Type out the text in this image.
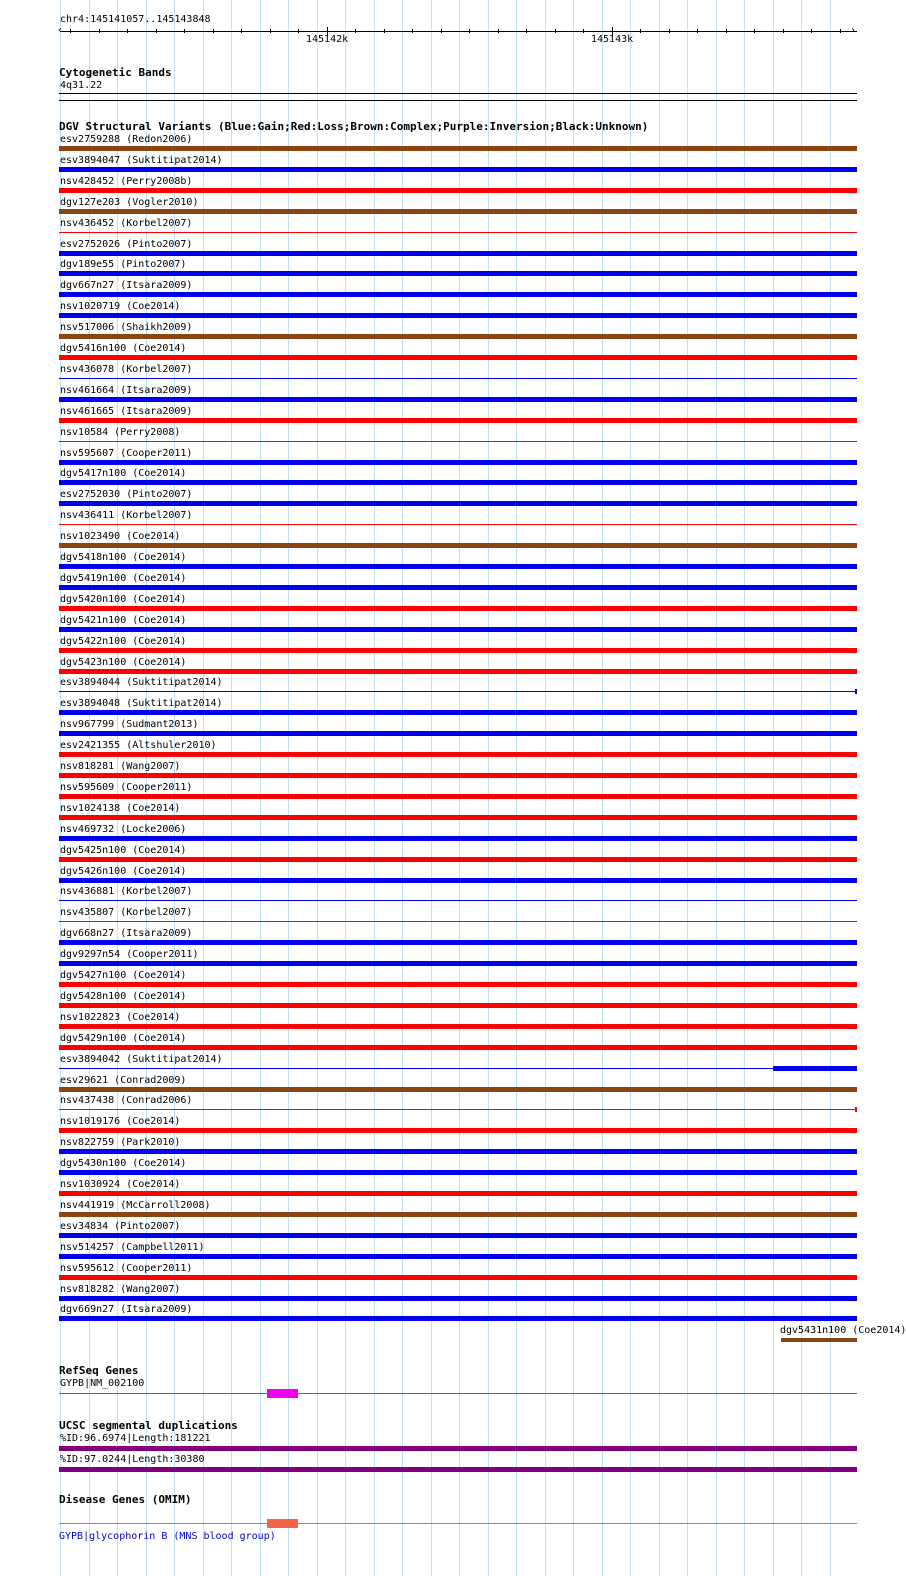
chr4:145141057..145143848
‹	›
145142k	145143k
Cytogenetic Bands
4q31.22
DGV Structural Variants (Blue:Gain;Red:Loss;Brown:Complex;Purple:Inversion;Black:Unknown)
esv2759288 (Redon2006)
esv3894047 (Suktitipat2014)
nsv428452 (Perry2008b)
dgv127e203 (Vogler2010)
nsv436452 (Korbel2007)
esv2752026 (Pinto2007)
dgv189e55 (Pinto2007)
dgv667n27 (Itsara2009)
nsv1020719 (Coe2014)
nsv517006 (Shaikh2009)
dgv5416n100 (Coe2014)
nsv436078 (Korbel2007)
nsv461664 (Itsara2009)
nsv461665 (Itsara2009)
nsv10584 (Perry2008)
nsv595607 (Cooper2011)
dgv5417n100 (Coe2014)
esv2752030 (Pinto2007)
nsv436411 (Korbel2007)
nsv1023490 (Coe2014)
dgv5418n100 (Coe2014)
dgv5419n100 (Coe2014)
dgv5420n100 (Coe2014)
dgv5421n100 (Coe2014)
dgv5422n100 (Coe2014)
dgv5423n100 (Coe2014)
esv3894044 (Suktitipat2014)
esv3894048 (Suktitipat2014)
nsv967799 (Sudmant2013)
esv2421355 (Altshuler2010)
nsv818281 (Wang2007)
nsv595609 (Cooper2011)
nsv1024138 (Coe2014)
nsv469732 (Locke2006)
dgv5425n100 (Coe2014)
dgv5426n100 (Coe2014)
nsv436881 (Korbel2007)
nsv435807 (Korbel2007)
dgv668n27 (Itsara2009)
dgv9297n54 (Cooper2011)
dgv5427n100 (Coe2014)
dgv5428n100 (Coe2014)
nsv1022823 (Coe2014)
dgv5429n100 (Coe2014)
esv3894042 (Suktitipat2014)
esv29621 (Conrad2009)
nsv437438 (Conrad2006)
nsv1019176 (Coe2014)
nsv822759 (Park2010)
dgv5430n100 (Coe2014)
nsv1030924 (Coe2014)
nsv441919 (McCarroll2008)
esv34834 (Pinto2007)
nsv514257 (Campbell2011)
nsv595612 (Cooper2011)
nsv818282 (Wang2007)
dgv669n27 (Itsara2009)
dgv5431n100 (Coe2014)
RefSeq Genes
GYPB|NM_002100
UCSC segmental duplications
%ID:96.6974|Length:181221
%ID:97.0244|Length:30380
Disease Genes (OMIM)
GYPB|glycophorin B (MNS blood group)
